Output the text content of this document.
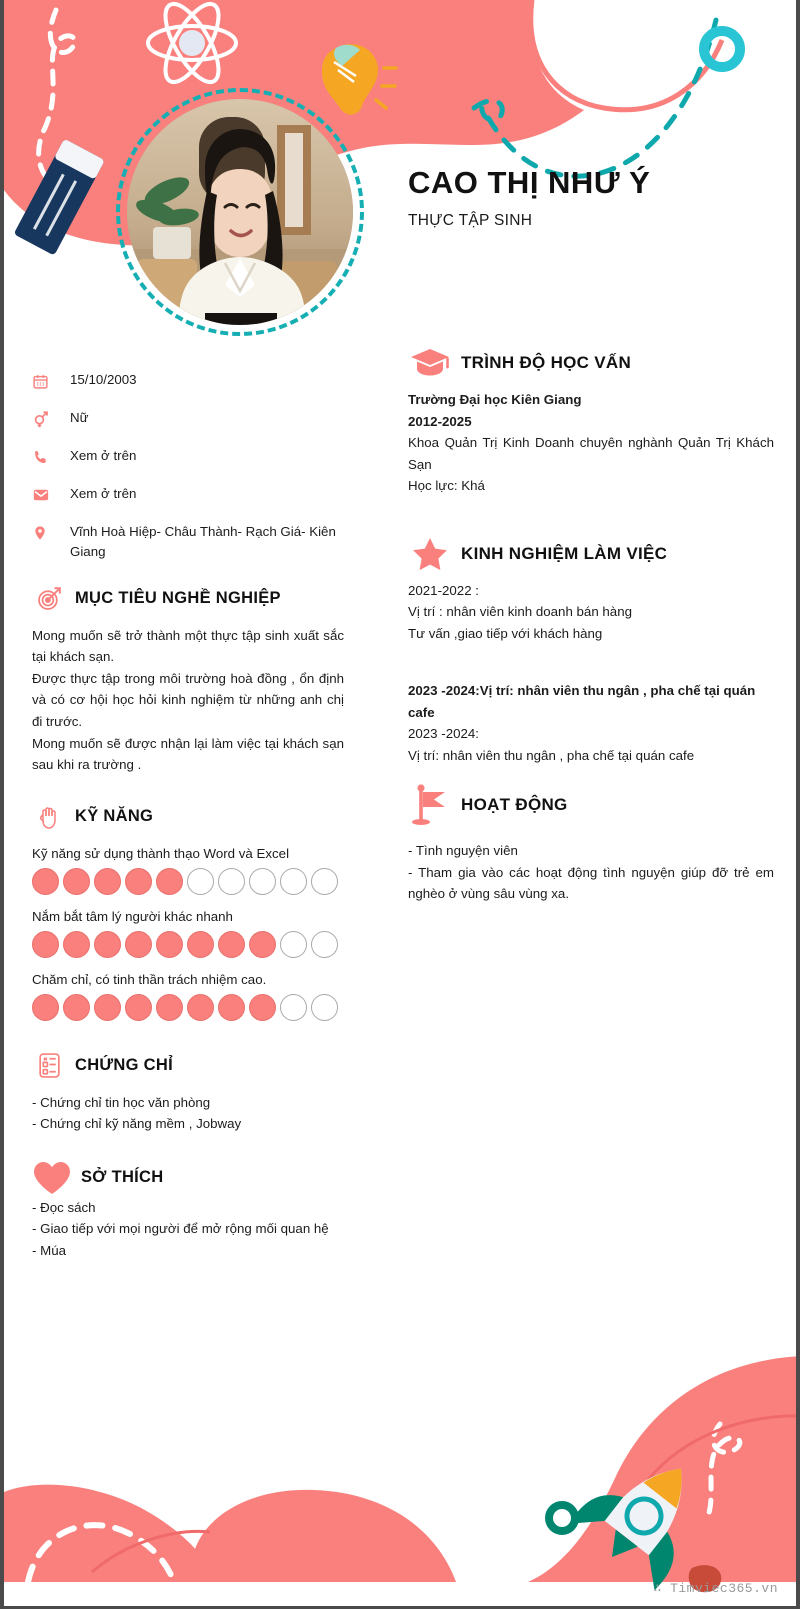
CAO THỊ NHƯ Ý
THỰC TẬP SINH
15/10/2003
Nữ
Xem ở trên
Xem ở trên
Vĩnh Hoà Hiệp- Châu Thành- Rạch Giá- Kiên Giang
MỤC TIÊU NGHỀ NGHIỆP
Mong muốn sẽ trở thành một thực tập sinh xuất sắc tại khách sạn.
Được thực tập trong môi trường hoà đồng , ổn định và có cơ hội học hỏi kinh nghiệm từ những anh chị đi trước.
Mong muốn sẽ được nhận lại làm việc tại khách sạn sau khi ra trường .
KỸ NĂNG
Kỹ năng sử dụng thành thạo Word và Excel
Nắm bắt tâm lý người khác nhanh
Chăm chỉ, có tinh thần trách nhiệm cao.
CHỨNG CHỈ
- Chứng chỉ tin học văn phòng
- Chứng chỉ kỹ năng mềm , Jobway
SỞ THÍCH
- Đọc sách
- Giao tiếp với mọi người để mở rộng mối quan hệ
- Múa
TRÌNH ĐỘ HỌC VẤN
Trường Đại học Kiên Giang
2012-2025
Khoa Quản Trị Kinh Doanh chuyên nghành Quản Trị Khách Sạn
Học lực: Khá
KINH NGHIỆM LÀM VIỆC
2021-2022 :
Vị trí : nhân viên kinh doanh bán hàng
Tư vấn ,giao tiếp với khách hàng
2023 -2024:Vị trí: nhân viên thu ngân , pha chế tại quán cafe
2023 -2024:
Vị trí: nhân viên thu ngân , pha chế tại quán cafe
HOẠT ĐỘNG
- Tình nguyện viên
- Tham gia vào các hoạt động tình nguyện giúp đỡ trẻ em nghèo ở vùng sâu vùng xa.
∴ Timviec365.vn
